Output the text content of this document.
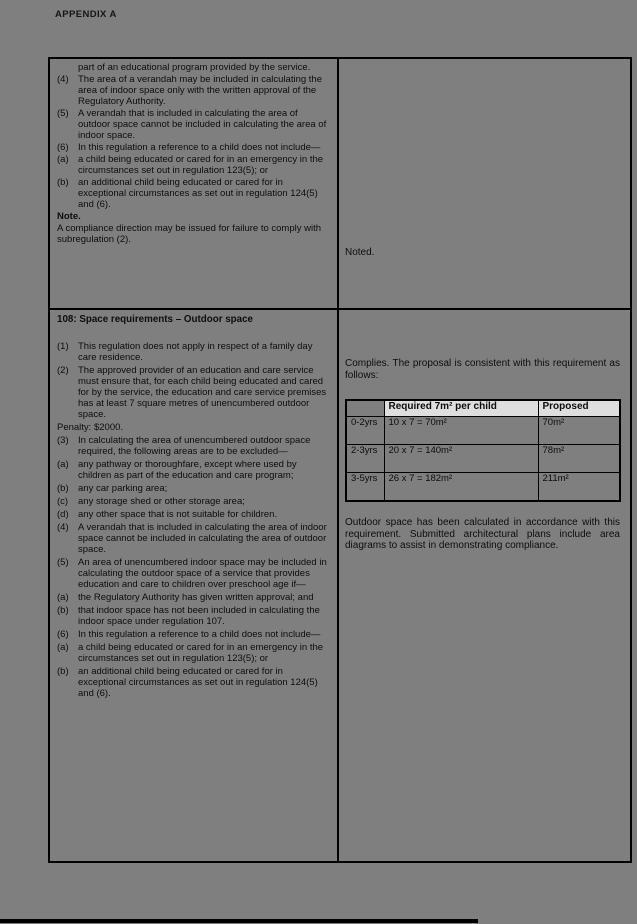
APPENDIX A
part of an educational program provided by the service.
(4) The area of a verandah may be included in calculating the area of indoor space only with the written approval of the Regulatory Authority.
(5) A verandah that is included in calculating the area of outdoor space cannot be included in calculating the area of indoor space.
(6) In this regulation a reference to a child does not include—
(a) a child being educated or cared for in an emergency in the circumstances set out in regulation 123(5); or
(b) an additional child being educated or cared for in exceptional circumstances as set out in regulation 124(5) and (6).
Note.
A compliance direction may be issued for failure to comply with subregulation (2).

Noted.

108: Space requirements – Outdoor space
(1) This regulation does not apply in respect of a family day care residence.
(2) The approved provider of an education and care service must ensure that, for each child being educated and cared for by the service, the education and care service premises has at least 7 square metres of unencumbered outdoor space.
Penalty: $2000.
(3) In calculating the area of unencumbered outdoor space required, the following areas are to be excluded—
(a) any pathway or thoroughfare, except where used by children as part of the education and care program;
(b) any car parking area;
(c)	any storage shed or other storage area;
(d) any other space that is not suitable for children.
(4) A verandah that is included in calculating the area of indoor space cannot be included in calculating the area of outdoor space.
(5) An area of unencumbered indoor space may be included in calculating the outdoor space of a service that provides education and care to children over preschool age if—
(a) the Regulatory Authority has given written approval; and
(b) that indoor space has not been included in calculating the indoor space under regulation 107.
(6) In this regulation a reference to a child does not include—
(a) a child being educated or cared for in an emergency in the circumstances set out in regulation 123(5); or
(b) an additional child being educated or cared for in exceptional circumstances as set out in regulation 124(5) and (6).

Complies. The proposal is consistent with this requirement as follows:
	Required 7m² per child	Proposed
0-2yrs	10 x 7 = 70m²	70m²
2-3yrs	20 x 7 = 140m²	78m²
3-5yrs	26 x 7 = 182m²	211m²
Outdoor space has been calculated in accordance with this requirement. Submitted architectural plans include area diagrams to assist in demonstrating compliance.
